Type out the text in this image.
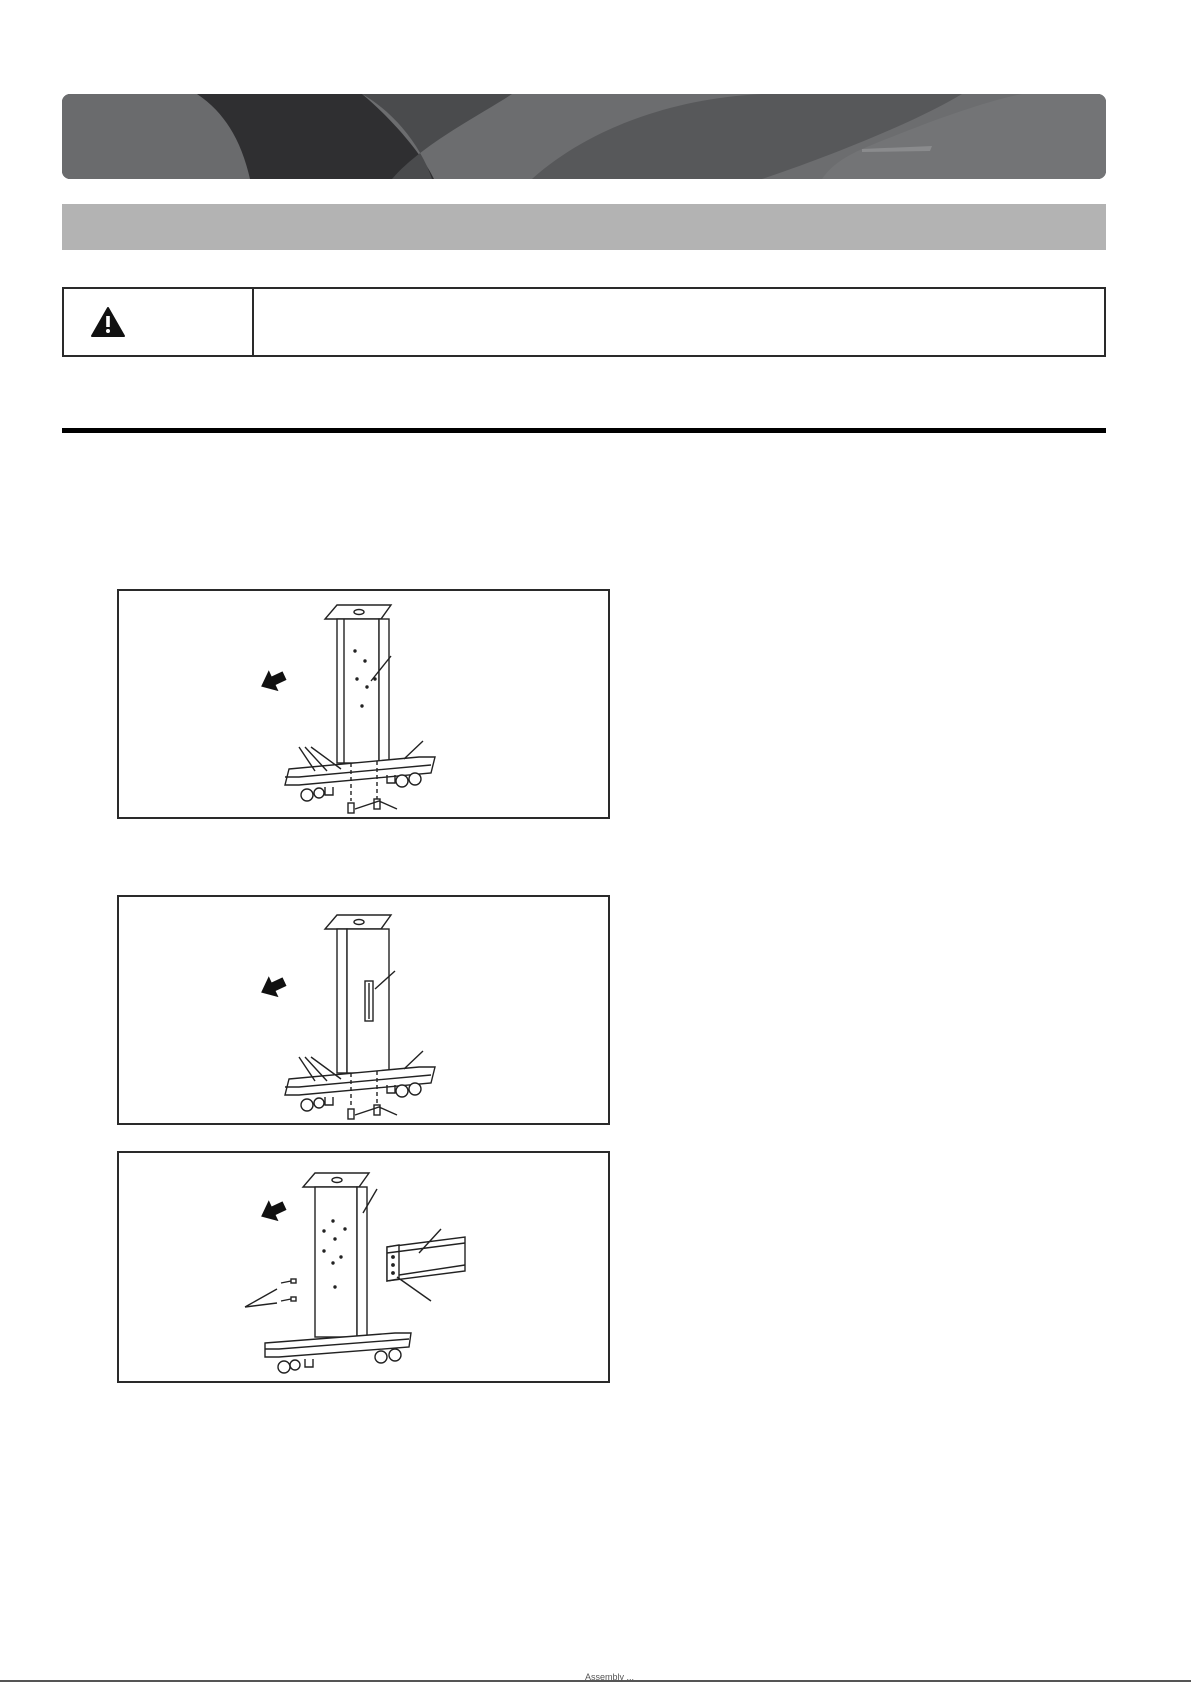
Assembly ...
